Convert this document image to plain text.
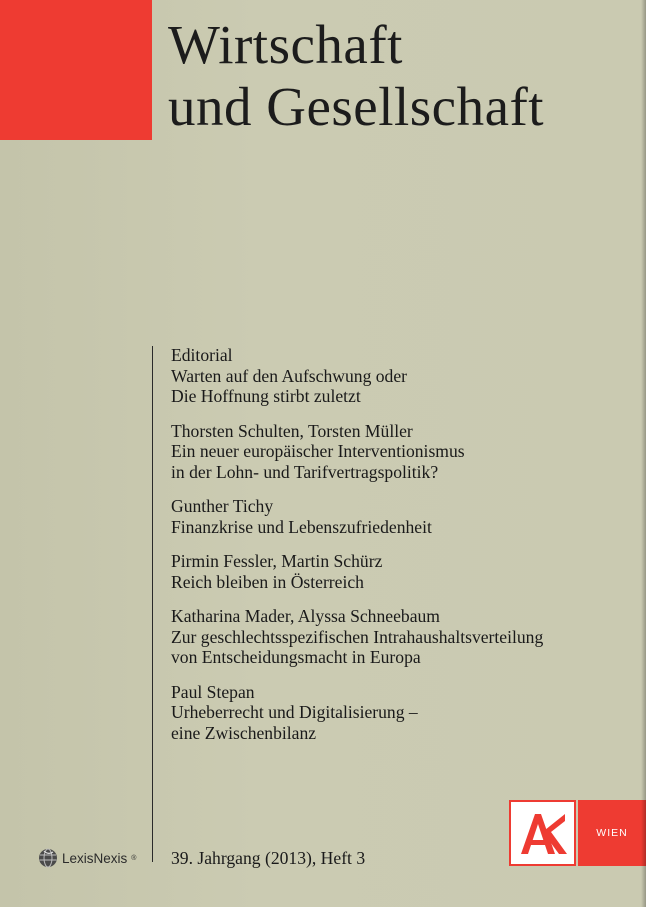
Wirtschaft
und Gesellschaft
Editorial
Warten auf den Aufschwung oder
Die Hoffnung stirbt zuletzt
Thorsten Schulten, Torsten Müller
Ein neuer europäischer Interventionismus
in der Lohn- und Tarifvertragspolitik?
Gunther Tichy
Finanzkrise und Lebenszufriedenheit
Pirmin Fessler, Martin Schürz
Reich bleiben in Österreich
Katharina Mader, Alyssa Schneebaum
Zur geschlechtsspezifischen Intrahaushaltsverteilung
von Entscheidungsmacht in Europa
Paul Stepan
Urheberrecht und Digitalisierung –
eine Zwischenbilanz
LexisNexis ® 39. Jahrgang (2013), Heft 3
WIEN
